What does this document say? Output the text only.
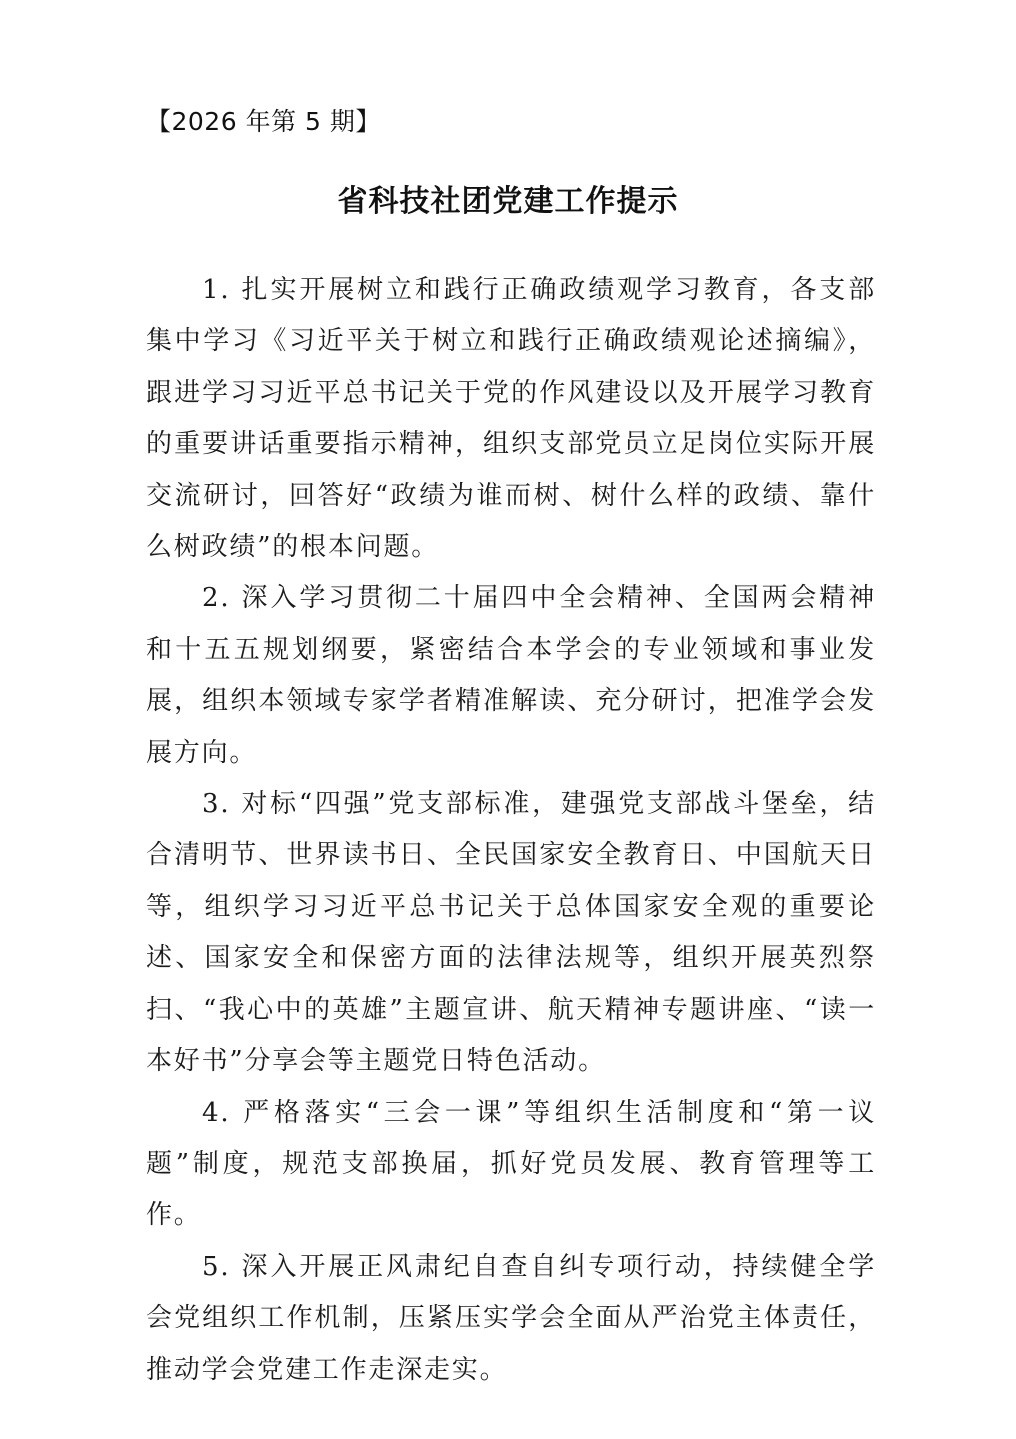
【2026 年第 5 期】
省科技社团党建工作提示

1. 扎实开展树立和践行正确政绩观学习教育，各支部集中学习《习近平关于树立和践行正确政绩观论述摘编》，跟进学习习近平总书记关于党的作风建设以及开展学习教育的重要讲话重要指示精神，组织支部党员立足岗位实际开展交流研讨，回答好“政绩为谁而树、树什么样的政绩、靠什么树政绩”的根本问题。

2. 深入学习贯彻二十届四中全会精神、全国两会精神和十五五规划纲要，紧密结合本学会的专业领域和事业发展，组织本领域专家学者精准解读、充分研讨，把准学会发展方向。

3. 对标“四强”党支部标准，建强党支部战斗堡垒，结合清明节、世界读书日、全民国家安全教育日、中国航天日等，组织学习习近平总书记关于总体国家安全观的重要论述、国家安全和保密方面的法律法规等，组织开展英烈祭扫、“我心中的英雄”主题宣讲、航天精神专题讲座、“读一本好书”分享会等主题党日特色活动。

4. 严格落实“三会一课”等组织生活制度和“第一议题”制度，规范支部换届，抓好党员发展、教育管理等工作。

5. 深入开展正风肃纪自查自纠专项行动，持续健全学会党组织工作机制，压紧压实学会全面从严治党主体责任，推动学会党建工作走深走实。
